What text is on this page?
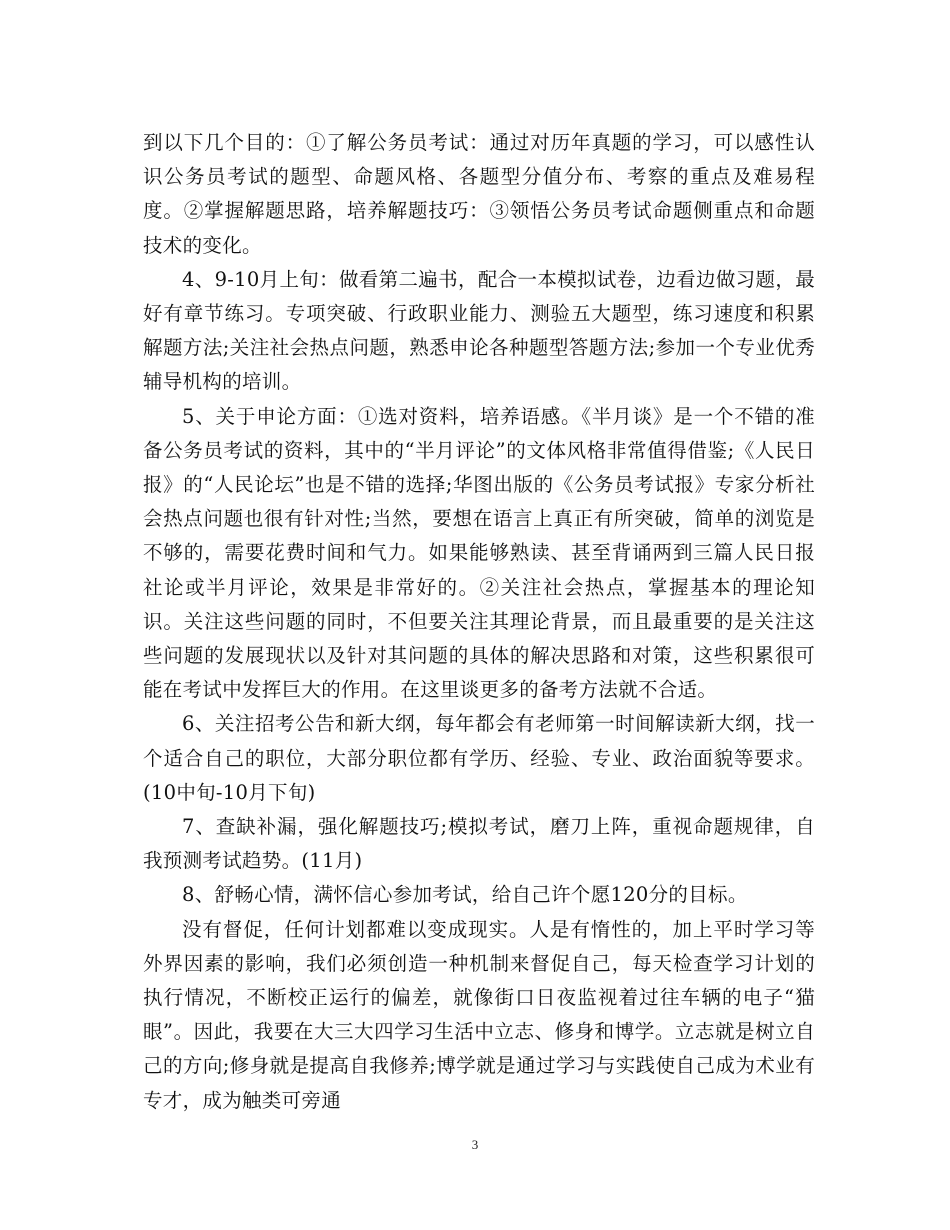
到以下几个目的：①了解公务员考试：通过对历年真题的学习，可以感性认识公务员考试的题型、命题风格、各题型分值分布、考察的重点及难易程度。②掌握解题思路，培养解题技巧：③领悟公务员考试命题侧重点和命题技术的变化。

4、9-10月上旬：做看第二遍书，配合一本模拟试卷，边看边做习题，最好有章节练习。专项突破、行政职业能力、测验五大题型，练习速度和积累解题方法;关注社会热点问题，熟悉申论各种题型答题方法;参加一个专业优秀辅导机构的培训。

5、关于申论方面：①选对资料，培养语感。《半月谈》是一个不错的准备公务员考试的资料，其中的“半月评论”的文体风格非常值得借鉴;《人民日报》的“人民论坛”也是不错的选择;华图出版的《公务员考试报》专家分析社会热点问题也很有针对性;当然，要想在语言上真正有所突破，简单的浏览是不够的，需要花费时间和气力。如果能够熟读、甚至背诵两到三篇人民日报社论或半月评论，效果是非常好的。②关注社会热点，掌握基本的理论知识。关注这些问题的同时，不但要关注其理论背景，而且最重要的是关注这些问题的发展现状以及针对其问题的具体的解决思路和对策，这些积累很可能在考试中发挥巨大的作用。在这里谈更多的备考方法就不合适。

6、关注招考公告和新大纲，每年都会有老师第一时间解读新大纲，找一个适合自己的职位，大部分职位都有学历、经验、专业、政治面貌等要求。(10中旬-10月下旬)

7、查缺补漏，强化解题技巧;模拟考试，磨刀上阵，重视命题规律，自我预测考试趋势。(11月)

8、舒畅心情，满怀信心参加考试，给自己许个愿120分的目标。

没有督促，任何计划都难以变成现实。人是有惰性的，加上平时学习等外界因素的影响，我们必须创造一种机制来督促自己，每天检查学习计划的执行情况，不断校正运行的偏差，就像街口日夜监视着过往车辆的电子“猫眼”。因此，我要在大三大四学习生活中立志、修身和博学。立志就是树立自己的方向;修身就是提高自我修养;博学就是通过学习与实践使自己成为术业有专才，成为触类可旁通

3
